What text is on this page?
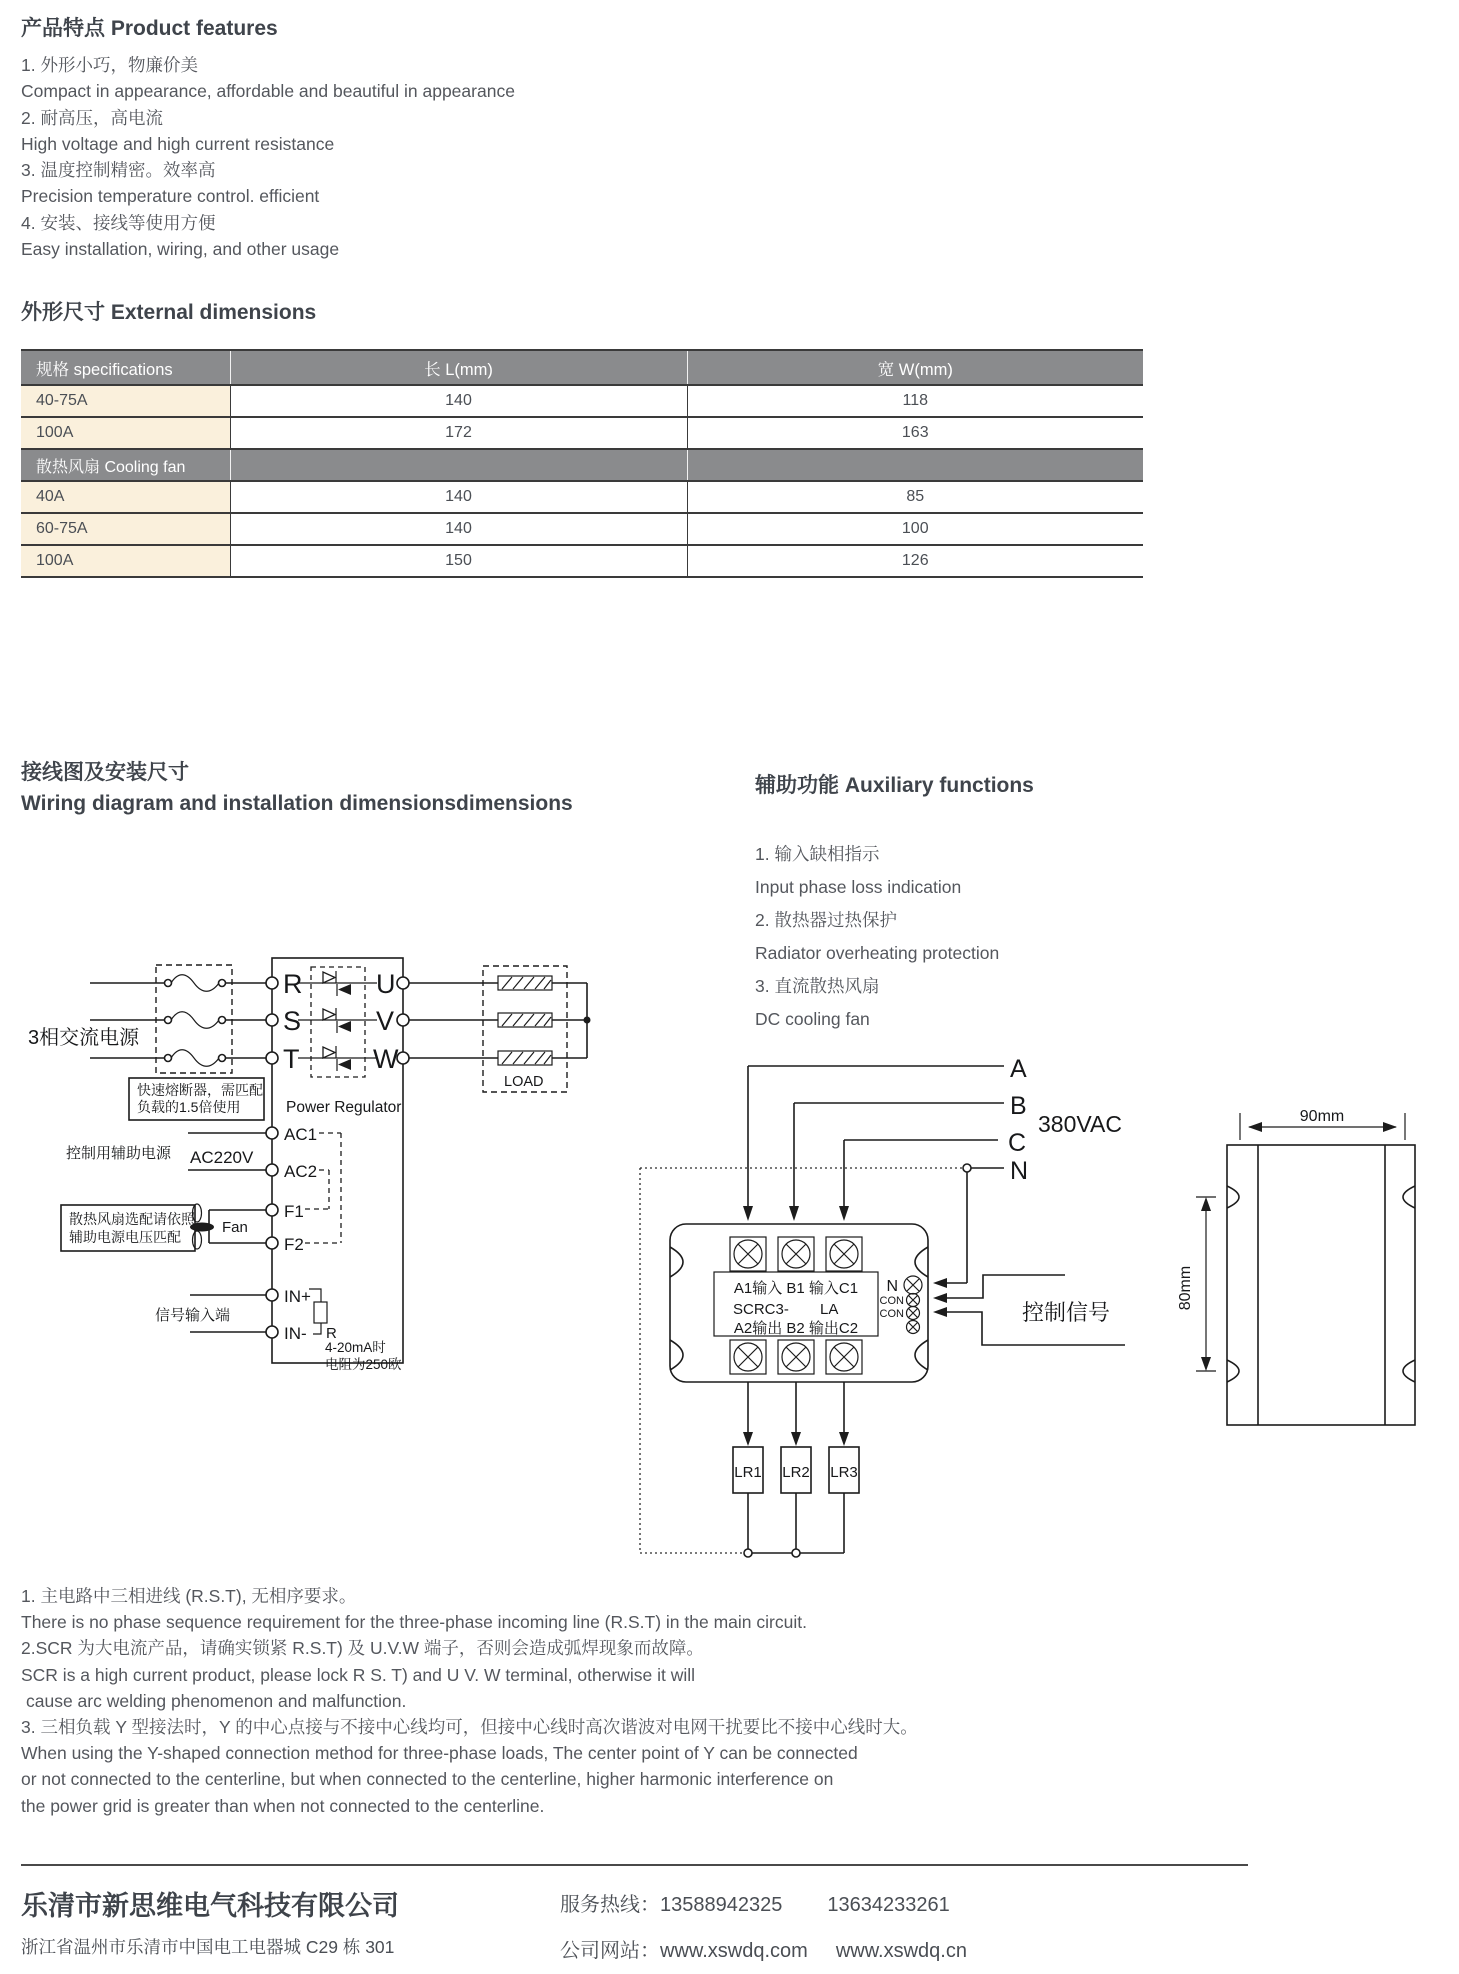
产品特点 Product features
1. 外形小巧，物廉价美
Compact in appearance, affordable and beautiful in appearance
2. 耐高压，高电流
High voltage and high current resistance
3. 温度控制精密。效率高
Precision temperature control. efficient
4. 安装、接线等使用方便
Easy installation, wiring, and other usage
外形尺寸 External dimensions
规格 specifications	长 L(mm)	宽 W(mm)
40-75A	140	118
100A	172	163
散热风扇 Cooling fan		
40A	140	85
60-75A	140	100
100A	150	126
接线图及安装尺寸
Wiring diagram and installation dimensionsdimensions
辅助功能 Auxiliary functions
1. 输入缺相指示
Input phase loss indication
2. 散热器过热保护
Radiator overheating protection
3. 直流散热风扇
DC cooling fan
3相交流电源
快速熔断器，需匹配
负载的1.5倍使用	Power Regulator
R
S
T
U
V
W
LOAD
AC1
AC2
控制用辅助电源 AC220V
F1
F2
Fan
散热风扇选配请依照
辅助电源电压匹配
IN+
IN-
信号输入端
R
4-20mA时
电阻为250欧
A
B
C
380VAC
N
A1输入 B1 输入C1
SCRC3- LA
A2输出 B2 输出C2
N
CON
CON	控制信号
LR1 LR2 LR3
90mm
80mm
1. 主电路中三相进线 (R.S.T), 无相序要求。
There is no phase sequence requirement for the three-phase incoming line (R.S.T) in the main circuit.
2.SCR 为大电流产品，请确实锁紧 R.S.T) 及 U.V.W 端子，否则会造成弧焊现象而故障。
SCR is a high current product, please lock R S. T) and U V. W terminal, otherwise it will
cause arc welding phenomenon and malfunction.
3. 三相负载 Y 型接法时，Y 的中心点接与不接中心线均可，但接中心线时高次谐波对电网干扰要比不接中心线时大。
When using the Y-shaped connection method for three-phase loads, The center point of Y can be connected
or not connected to the centerline, but when connected to the centerline, higher harmonic interference on
the power grid is greater than when not connected to the centerline.
乐清市新思维电气科技有限公司
浙江省温州市乐清市中国电工电器城 C29 栋 301
服务热线：13588942325 13634233261
公司网站：www.xswdq.com www.xswdq.cn
